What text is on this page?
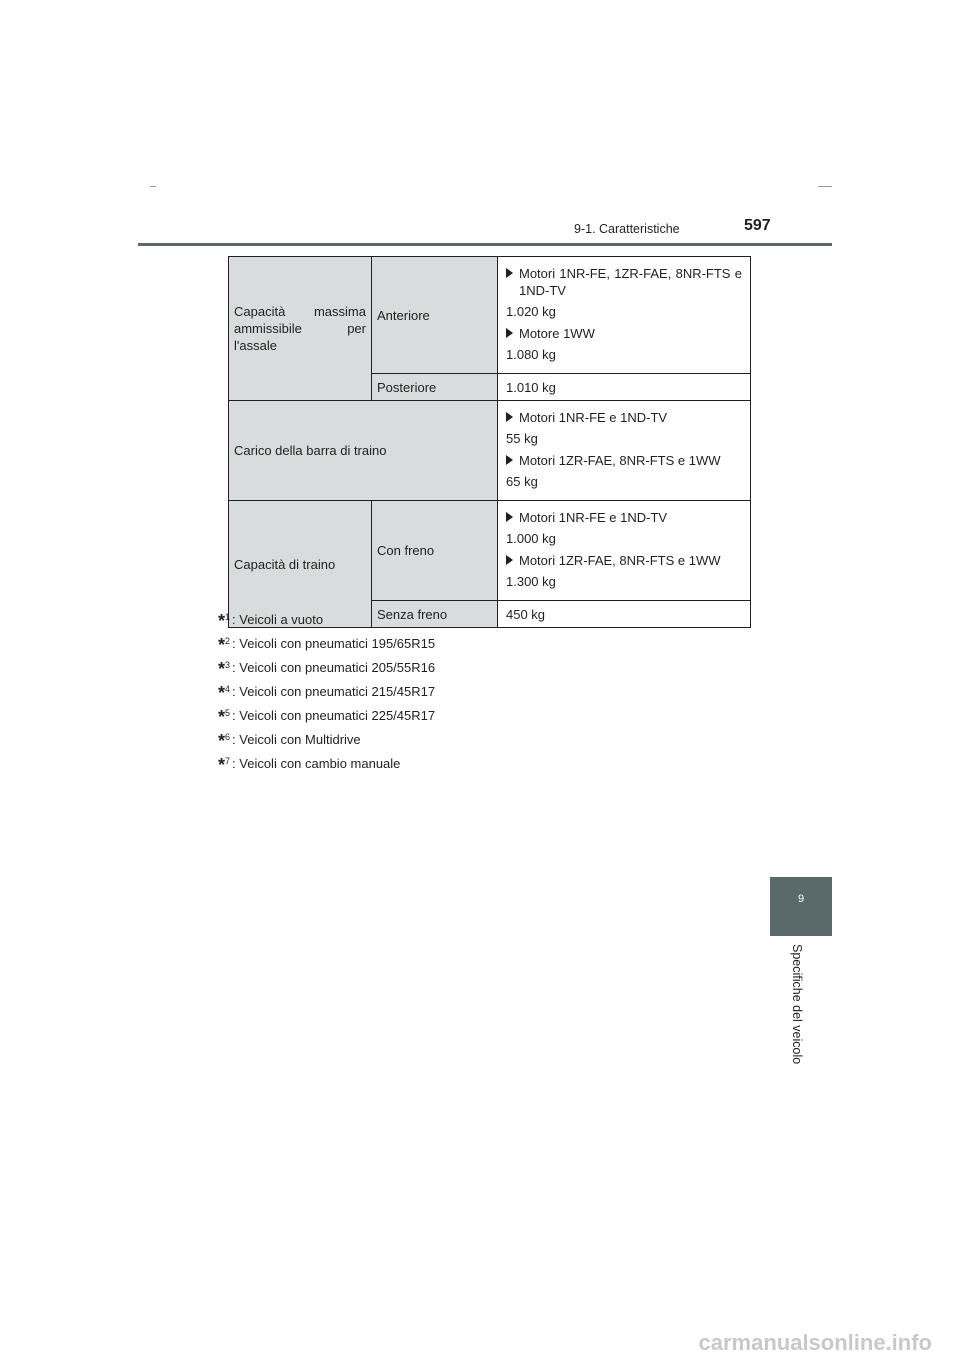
9-1. Caratteristiche	597
Capacità massima ammissibile per l'assale	Anteriore	Motori 1NR-FE, 1ZR-FAE, 8NR-FTS e 1ND-TV
1.020 kg
Motore 1WW
1.080 kg

	Posteriore	1.010 kg
Carico della barra di traino		Motori 1NR-FE e 1ND-TV
55 kg
Motori 1ZR-FAE, 8NR-FTS e 1WW
65 kg

Capacità di traino	Con freno	Motori 1NR-FE e 1ND-TV
1.000 kg
Motori 1ZR-FAE, 8NR-FTS e 1WW
1.300 kg

	Senza freno	450 kg
*$^1$ : Veicoli a vuoto
*$^2$ : Veicoli con pneumatici 195/65R15
*$^3$ : Veicoli con pneumatici 205/55R16
*$^4$ : Veicoli con pneumatici 215/45R17
*$^5$ : Veicoli con pneumatici 225/45R17
*$^6$ : Veicoli con Multidrive
*$^7$ : Veicoli con cambio manuale
9
Specifiche del veicolo
carmanualsonline.info
